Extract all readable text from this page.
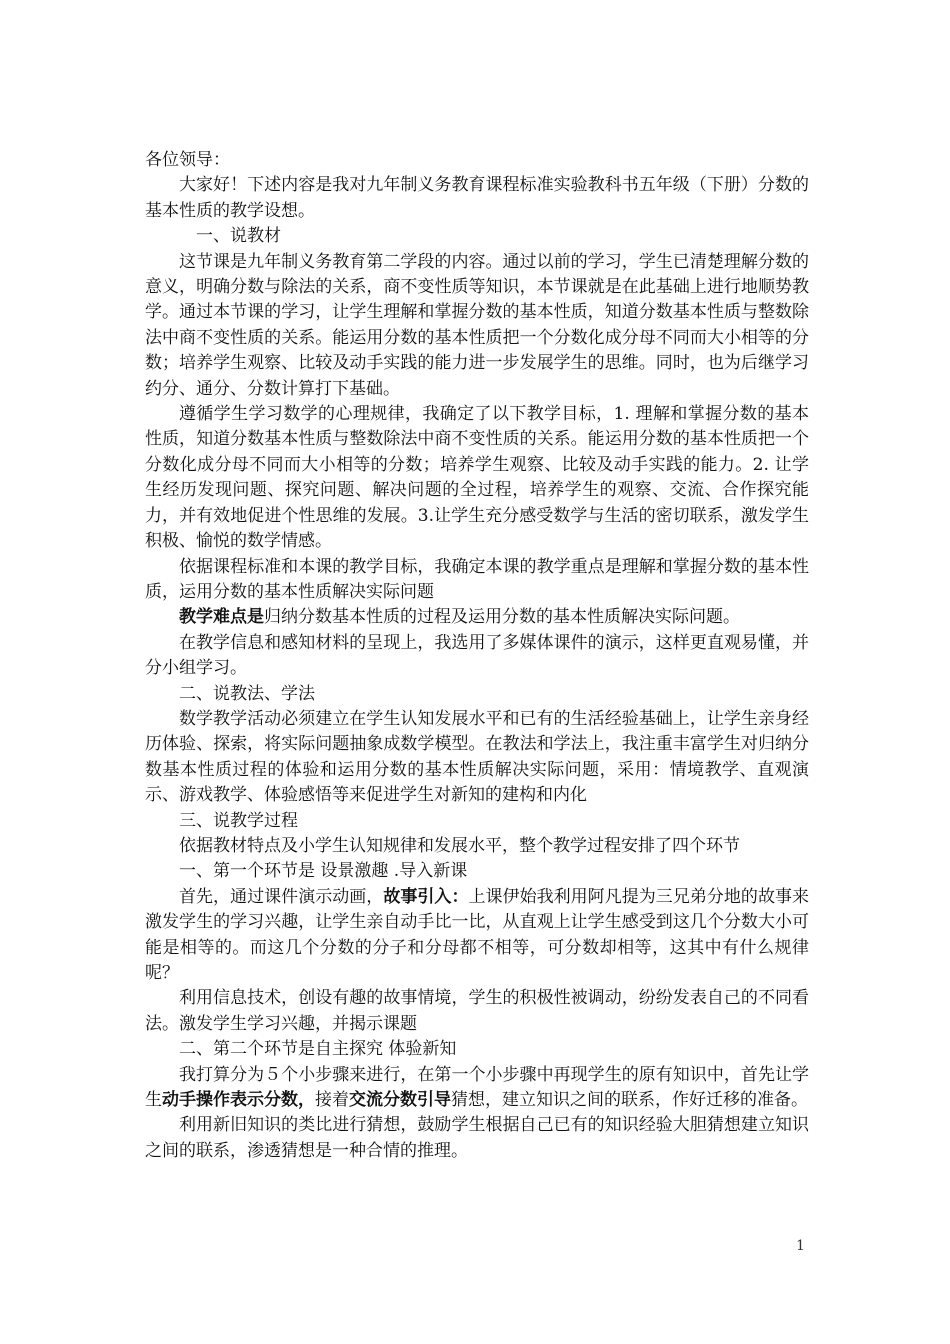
各位领导：

大家好！下述内容是我对九年制义务教育课程标准实验教科书五年级（下册）分数的基本性质的教学设想。

一、说教材

这节课是九年制义务教育第二学段的内容。通过以前的学习，学生已清楚理解分数的意义，明确分数与除法的关系，商不变性质等知识，本节课就是在此基础上进行地顺势教学。通过本节课的学习，让学生理解和掌握分数的基本性质，知道分数基本性质与整数除法中商不变性质的关系。能运用分数的基本性质把一个分数化成分母不同而大小相等的分数；培养学生观察、比较及动手实践的能力进一步发展学生的思维。同时，也为后继学习约分、通分、分数计算打下基础。

遵循学生学习数学的心理规律，我确定了以下教学目标，1. 理解和掌握分数的基本性质，知道分数基本性质与整数除法中商不变性质的关系。能运用分数的基本性质把一个分数化成分母不同而大小相等的分数；培养学生观察、比较及动手实践的能力。2. 让学生经历发现问题、探究问题、解决问题的全过程，培养学生的观察、交流、合作探究能力，并有效地促进个性思维的发展。3.让学生充分感受数学与生活的密切联系，激发学生积极、愉悦的数学情感。

依据课程标准和本课的教学目标，我确定本课的教学重点是理解和掌握分数的基本性质，运用分数的基本性质解决实际问题

教学难点是归纳分数基本性质的过程及运用分数的基本性质解决实际问题。

在教学信息和感知材料的呈现上，我选用了多媒体课件的演示，这样更直观易懂，并分小组学习。

二、说教法、学法

数学教学活动必须建立在学生认知发展水平和已有的生活经验基础上，让学生亲身经历体验、探索，将实际问题抽象成数学模型。在教法和学法上，我注重丰富学生对归纳分数基本性质过程的体验和运用分数的基本性质解决实际问题，采用：情境教学、直观演示、游戏教学、体验感悟等来促进学生对新知的建构和内化

三、说教学过程

依据教材特点及小学生认知规律和发展水平，整个教学过程安排了四个环节

一、第一个环节是 设景激趣 .导入新课

首先，通过课件演示动画，故事引入：上课伊始我利用阿凡提为三兄弟分地的故事来激发学生的学习兴趣，让学生亲自动手比一比，从直观上让学生感受到这几个分数大小可能是相等的。而这几个分数的分子和分母都不相等，可分数却相等，这其中有什么规律呢？

利用信息技术，创设有趣的故事情境，学生的积极性被调动，纷纷发表自己的不同看法。激发学生学习兴趣，并揭示课题

二、第二个环节是自主探究 体验新知

我打算分为５个小步骤来进行，在第一个小步骤中再现学生的原有知识中，首先让学生动手操作表示分数，接着交流分数引导猜想，建立知识之间的联系，作好迁移的准备。

利用新旧知识的类比进行猜想，鼓励学生根据自己已有的知识经验大胆猜想建立知识之间的联系，渗透猜想是一种合情的推理。

1
